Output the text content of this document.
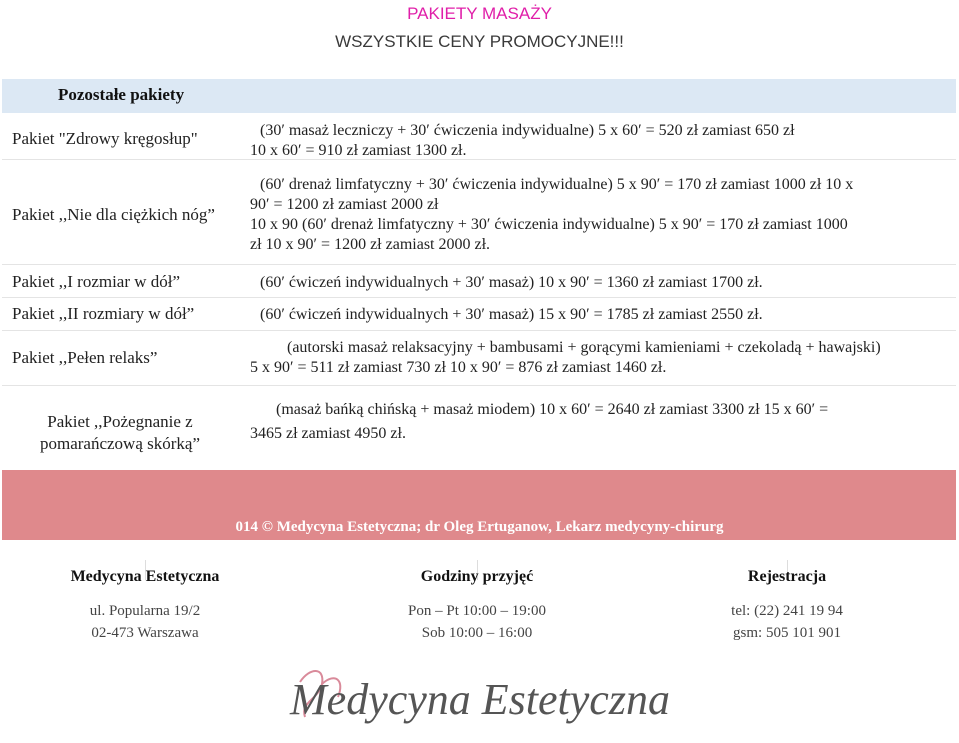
PAKIETY MASAŻY
WSZYSTKIE CENY PROMOCYJNE!!!
Pozostałe pakiety
Pakiet "Zdrowy kręgosłup"	(30′ masaż leczniczy + 30′ ćwiczenia indywidualne) 5 x 60′ = 520 zł zamiast 650 zł
10 x 60′ = 910 zł zamiast 1300 zł.
Pakiet ,,Nie dla ciężkich nóg”
(60′ drenaż limfatyczny + 30′ ćwiczenia indywidualne) 5 x 90′ = 170 zł zamiast 1000 zł 10 x
90′ = 1200 zł zamiast 2000 zł
10 x 90 (60′ drenaż limfatyczny + 30′ ćwiczenia indywidualne) 5 x 90′ = 170 zł zamiast 1000
zł 10 x 90′ = 1200 zł zamiast 2000 zł.
Pakiet ,,I rozmiar w dół”	(60′ ćwiczeń indywidualnych + 30′ masaż) 10 x 90′ = 1360 zł zamiast 1700 zł.
Pakiet ,,II rozmiary w dół”	(60′ ćwiczeń indywidualnych + 30′ masaż) 15 x 90′ = 1785 zł zamiast 2550 zł.
Pakiet ,,Pełen relaks”
(autorski masaż relaksacyjny + bambusami + gorącymi kamieniami + czekoladą + hawajski)
5 x 90′ = 511 zł zamiast 730 zł 10 x 90′ = 876 zł zamiast 1460 zł.
Pakiet ,,Pożegnanie z
pomarańczową skórką”
(masaż bańką chińską + masaż miodem) 10 x 60′ = 2640 zł zamiast 3300 zł 15 x 60′ =
3465 zł zamiast 4950 zł.
014 © Medycyna Estetyczna; dr Oleg Ertuganow, Lekarz medycyny-chirurg
Medycyna Estetyczna
ul. Popularna 19/2
02-473 Warszawa
Godziny przyjęć
Pon – Pt 10:00 – 19:00
Sob 10:00 – 16:00
Rejestracja
tel: (22) 241 19 94
gsm: 505 101 901
Medycyna Estetyczna
